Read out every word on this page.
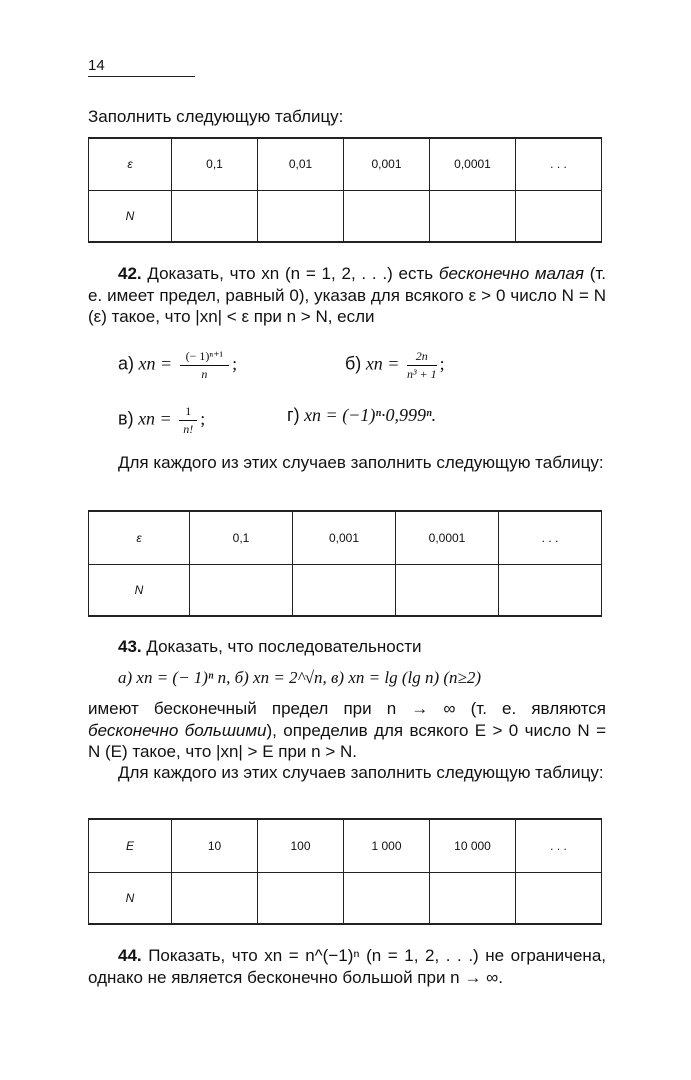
14
Заполнить следующую таблицу:
ε	0,1	0,01	0,001	0,0001	. . .
N					
42. Доказать, что xn (n = 1, 2, . . .) есть бесконечно малая (т. е. имеет предел, равный 0), указав для всякого ε > 0 число N = N (ε) такое, что |xn| < ε при n > N, если
а) xn = $\frac{\text{(− 1)ⁿ⁺¹}}{n}$ ;	б) xn = $\frac{2n}{\text{n³ + 1}}$ ;
в) xn = $\frac{1}{n!}$ ;	г) xn = (−1)ⁿ·0,999ⁿ.
Для каждого из этих случаев заполнить следующую таблицу:
ε	0,1	0,001	0,0001	. . .
N				
43. Доказать, что последовательности
а) xn = (− 1)ⁿ n, б) xn = 2^√n, в) xn = lg (lg n) (n≥2)
имеют бесконечный предел при n → ∞ (т. е. являются бесконечно большими), определив для всякого E > 0 число N = N (E) такое, что |xn| > E при n > N.
Для каждого из этих случаев заполнить следующую таблицу:
E	10	100	1 000	10 000	. . .
N					
44. Показать, что xn = n^(−1)ⁿ (n = 1, 2, . . .) не ограничена, однако не является бесконечно большой при n → ∞.
